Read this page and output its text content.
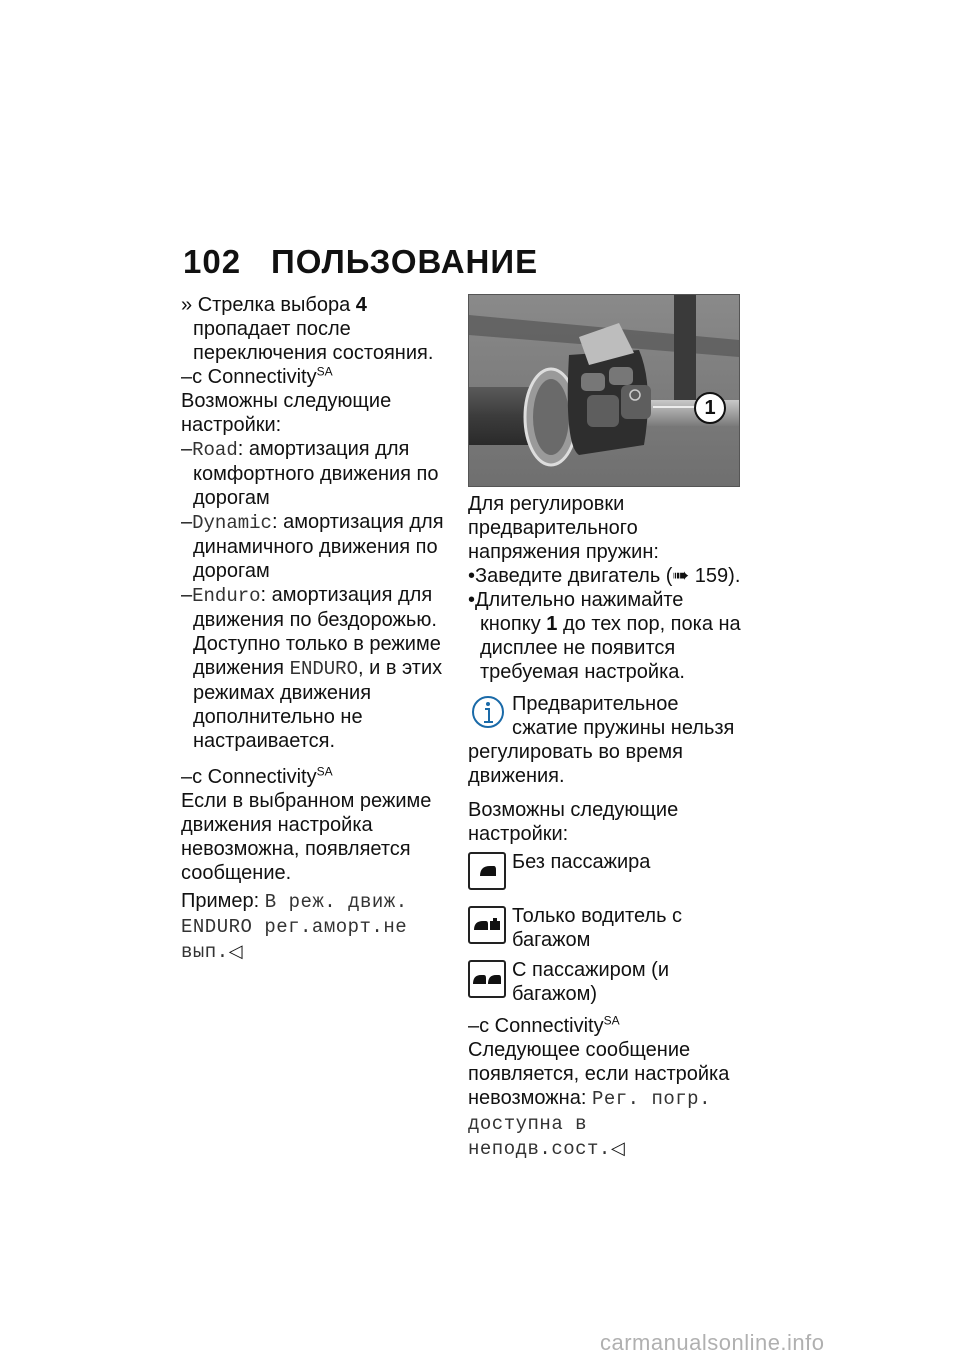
102 ПОЛЬЗОВАНИЕ

» Стрелка выбора 4 пропадает после переключения состояния.

–с Connectivity$^{SA}$

Возможны следующие настройки:

–Road: амортизация для комфортного движения по дорогам

–Dynamic: амортизация для динамичного движения по дорогам

–Enduro: амортизация для движения по бездорожью. Доступно только в режиме движения ENDURO, и в этих режимах движения дополнительно не настраивается.

–с Connectivity$^{SA}$

Если в выбранном режиме движения настройка невозможна, появляется сообщение.

Пример: В реж. движ. ENDURO рег.аморт.не вып.◁

1

Для регулировки предварительного напряжения пружин:

•Заведите двигатель (➠ 159).

•Длительно нажимайте кнопку 1 до тех пор, пока на дисплее не появится требуемая настройка.

Предварительное сжатие пружины нельзя регулировать во время движения.

Возможны следующие настройки:

Без пассажира

Только водитель с багажом

С пассажиром (и багажом)

–с Connectivity$^{SA}$

Следующее сообщение появляется, если настройка невозможна: Рег. погр. доступна в неподв.сост.◁

carmanualsonline.info
